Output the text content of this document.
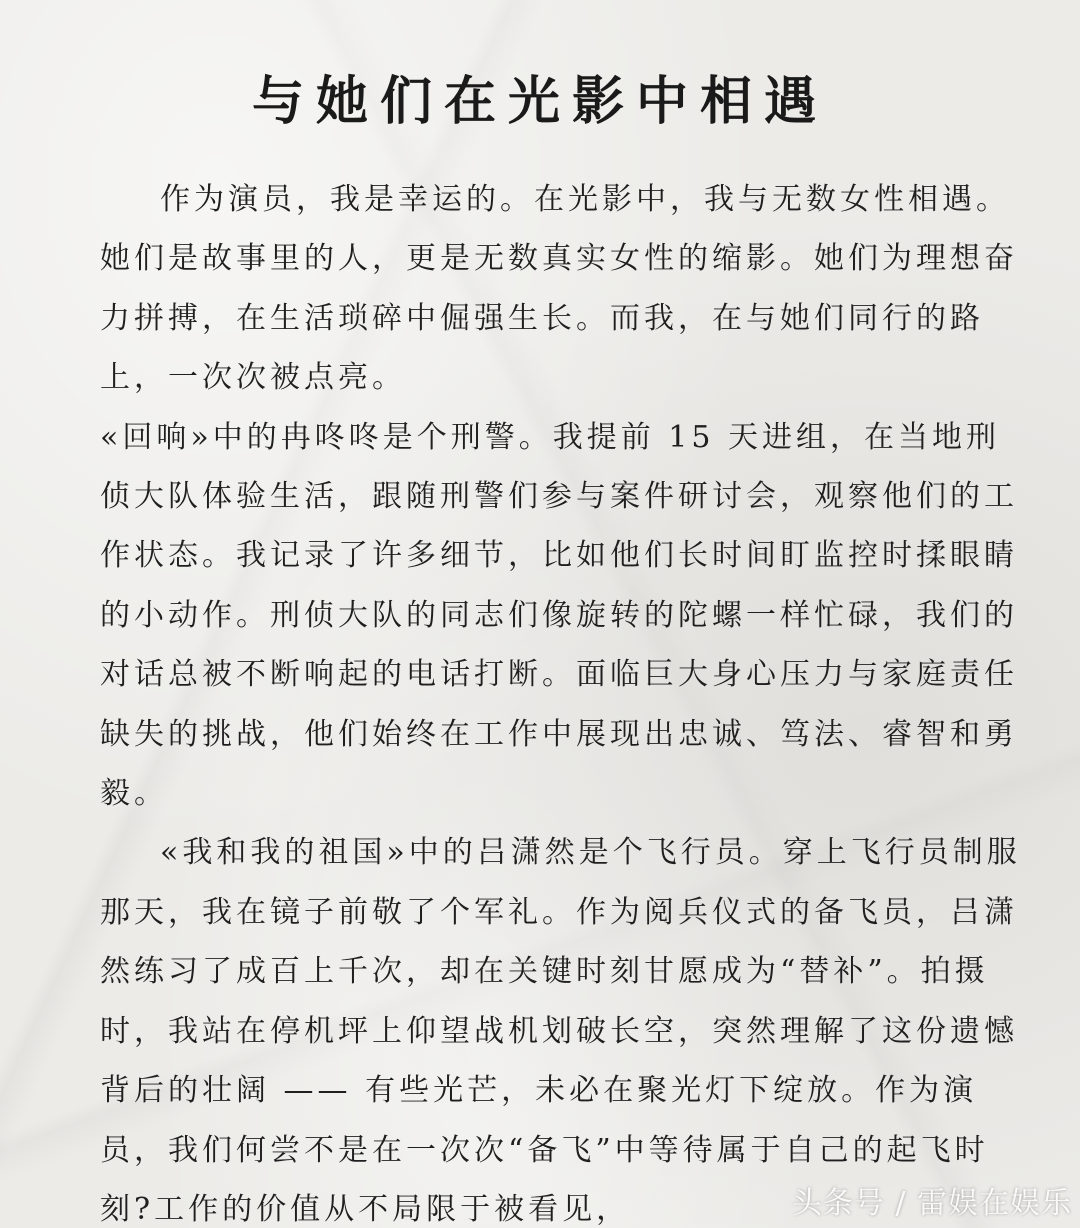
与她们在光影中相遇

作为演员，我是幸运的。在光影中，我与无数女性相遇。她们是故事里的人，更是无数真实女性的缩影。她们为理想奋力拼搏，在生活琐碎中倔强生长。而我，在与她们同行的路上，一次次被点亮。

«回响»中的冉咚咚是个刑警。我提前 15 天进组，在当地刑侦大队体验生活，跟随刑警们参与案件研讨会，观察他们的工作状态。我记录了许多细节，比如他们长时间盯监控时揉眼睛的小动作。刑侦大队的同志们像旋转的陀螺一样忙碌，我们的对话总被不断响起的电话打断。面临巨大身心压力与家庭责任缺失的挑战，他们始终在工作中展现出忠诚、笃法、睿智和勇毅。

«我和我的祖国»中的吕潇然是个飞行员。穿上飞行员制服那天，我在镜子前敬了个军礼。作为阅兵仪式的备飞员，吕潇然练习了成百上千次，却在关键时刻甘愿成为“替补”。拍摄时，我站在停机坪上仰望战机划破长空，突然理解了这份遗憾背后的壮阔 —— 有些光芒，未必在聚光灯下绽放。作为演员，我们何尝不是在一次次“备飞”中等待属于自己的起飞时刻?工作的价值从不局限于被看见，	头条号 / 雷娱在娱乐
